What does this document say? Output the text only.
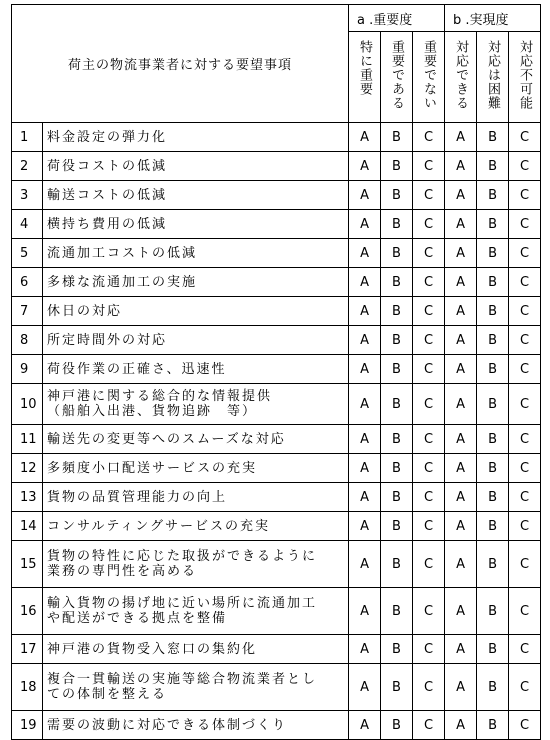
荷主の物流事業者に対する要望事項		a .重要度			b .実現度		
		特に重要	重要である	重要でない	対応できる	対応は困難	対応不可能
1	料金設定の弾力化	A	B	C	A	B	C
2	荷役コストの低減	A	B	C	A	B	C
3	輸送コストの低減	A	B	C	A	B	C
4	横持ち費用の低減	A	B	C	A	B	C
5	流通加工コストの低減	A	B	C	A	B	C
6	多様な流通加工の実施	A	B	C	A	B	C
7	休日の対応	A	B	C	A	B	C
8	所定時間外の対応	A	B	C	A	B	C
9	荷役作業の正確さ、迅速性	A	B	C	A	B	C
10	神戸港に関する総合的な情報提供
（船舶入出港、貨物追跡　等）	A	B	C	A	B	C
11	輸送先の変更等へのスムーズな対応	A	B	C	A	B	C
12	多頻度小口配送サービスの充実	A	B	C	A	B	C
13	貨物の品質管理能力の向上	A	B	C	A	B	C
14	コンサルティングサービスの充実	A	B	C	A	B	C
15	貨物の特性に応じた取扱ができるように
業務の専門性を高める	A	B	C	A	B	C
16	輸入貨物の揚げ地に近い場所に流通加工
や配送ができる拠点を整備	A	B	C	A	B	C
17	神戸港の貨物受入窓口の集約化	A	B	C	A	B	C
18	複合一貫輸送の実施等総合物流業者とし
ての体制を整える	A	B	C	A	B	C
19	需要の波動に対応できる体制づくり	A	B	C	A	B	C
